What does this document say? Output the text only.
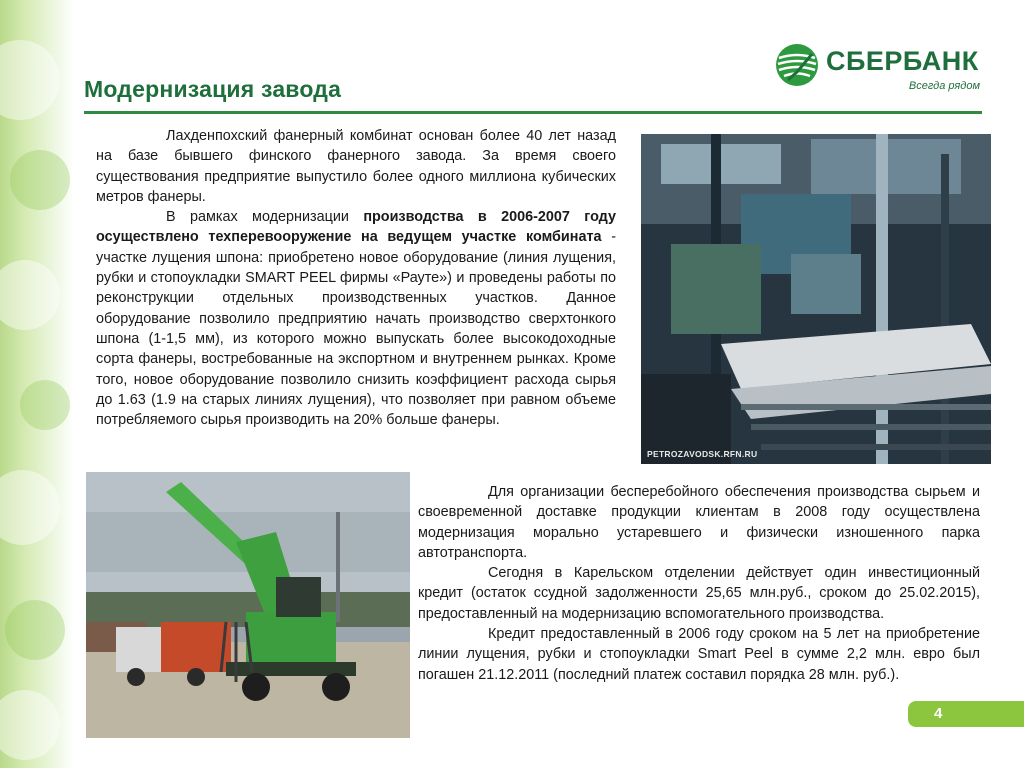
Модернизация завода
СБЕРБАНК
Всегда рядом

Лахденпохский фанерный комбинат основан более 40 лет назад на базе бывшего финского фанерного завода. За время своего существования предприятие выпустило более одного миллиона кубических метров фанеры.

В рамках модернизации производства в 2006-2007 году осуществлено техперевооружение на ведущем участке комбината - участке лущения шпона: приобретено новое оборудование (линия лущения, рубки и стопоукладки SMART PEEL фирмы «Рауте») и проведены работы по реконструкции отдельных производственных участков. Данное оборудование позволило предприятию начать производство сверхтонкого шпона (1-1,5 мм), из которого можно выпускать более высокодоходные сорта фанеры, востребованные на экспортном и внутреннем рынках. Кроме того, новое оборудование позволило снизить коэффициент расхода сырья до 1.63 (1.9 на старых линиях лущения), что позволяет при равном объеме потребляемого сырья производить на 20% больше фанеры.

PETROZAVODSK.RFN.RU

Для организации бесперебойного обеспечения производства сырьем и своевременной доставке продукции клиентам в 2008 году осуществлена модернизация морально устаревшего и физически изношенного парка автотранспорта.

Сегодня в Карельском отделении действует один инвестиционный кредит (остаток ссудной задолженности 25,65 млн.руб., сроком до 25.02.2015), предоставленный на модернизацию вспомогательного производства.

Кредит предоставленный в 2006 году сроком на 5 лет на приобретение линии лущения, рубки и стопоукладки Smart Peel в сумме 2,2 млн. евро был погашен 21.12.2011 (последний платеж составил порядка 28 млн. руб.).

4
